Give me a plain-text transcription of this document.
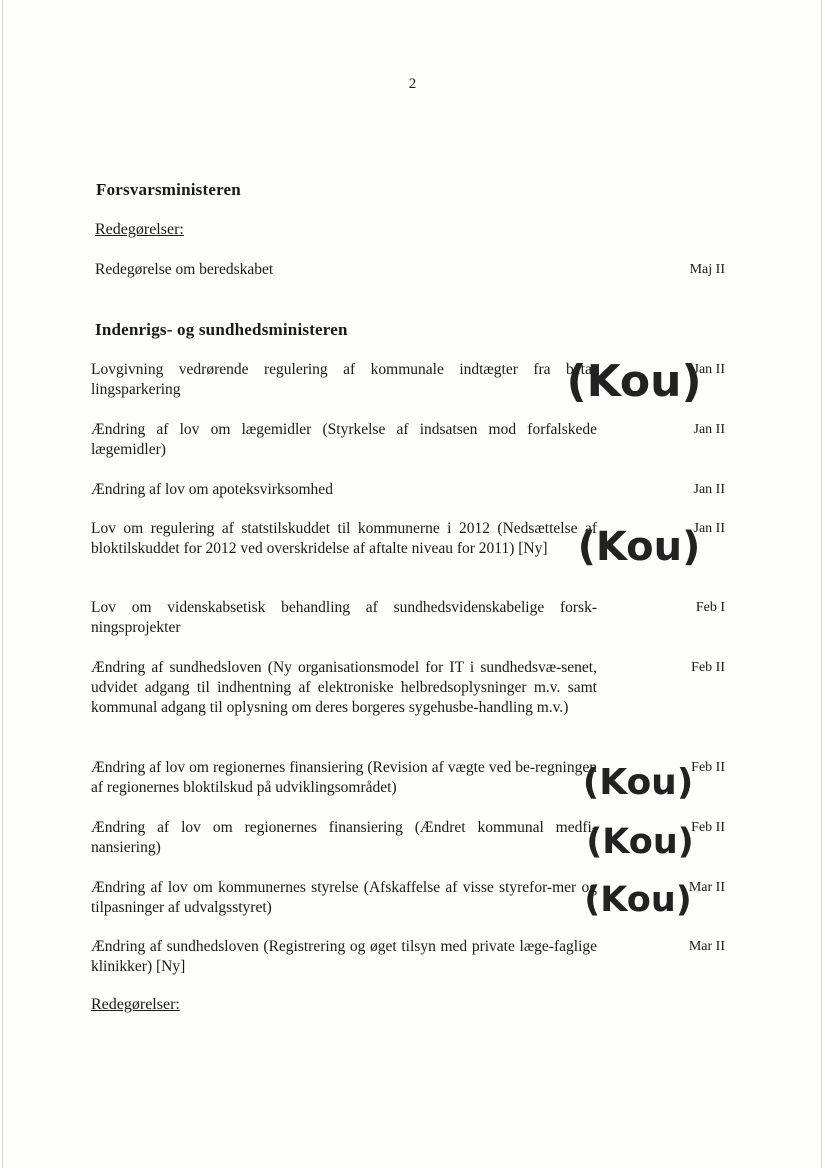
2
Forsvarsministeren
Redegørelser:
Redegørelse om beredskabet	Maj II
Indenrigs- og sundhedsministeren
Lovgivning vedrørende regulering af kommunale indtægter fra beta-lingsparkering
Jan II
Ændring af lov om lægemidler (Styrkelse af indsatsen mod forfalskede lægemidler)
Jan II
Ændring af lov om apoteksvirksomhed	Jan II
Lov om regulering af statstilskuddet til kommunerne i 2012 (Nedsættelse af bloktilskuddet for 2012 ved overskridelse af aftalte niveau for 2011) [Ny]
Jan II
Lov om videnskabsetisk behandling af sundhedsvidenskabelige forsk-ningsprojekter
Feb I
Ændring af sundhedsloven (Ny organisationsmodel for IT i sundhedsvæ-senet, udvidet adgang til indhentning af elektroniske helbredsoplysninger m.v. samt kommunal adgang til oplysning om deres borgeres sygehusbe-handling m.v.)
Feb II
Ændring af lov om regionernes finansiering (Revision af vægte ved be-regningen af regionernes bloktilskud på udviklingsområdet)
Feb II
Ændring af lov om regionernes finansiering (Ændret kommunal medfi-nansiering)
Feb II
Ændring af lov om kommunernes styrelse (Afskaffelse af visse styrefor-mer og tilpasninger af udvalgsstyret)
Mar II
Ændring af sundhedsloven (Registrering og øget tilsyn med private læge-faglige klinikker) [Ny]
Mar II
Redegørelser:
(Kou)
(Kou)
(Kou)
(Kou)
(Kou)
